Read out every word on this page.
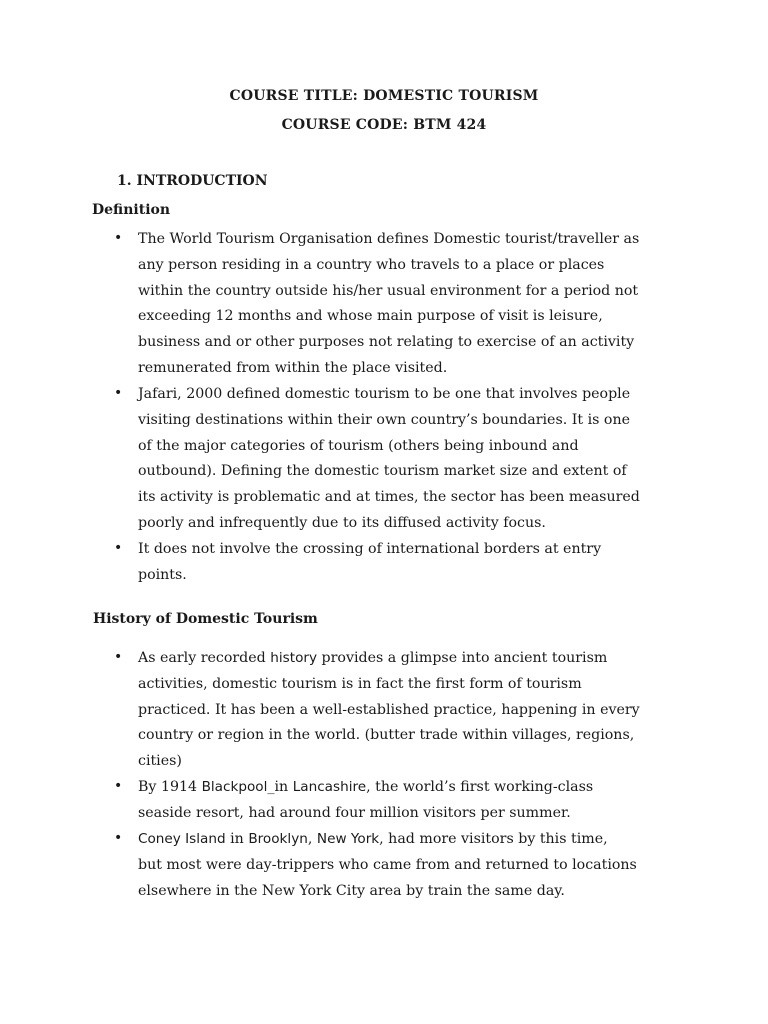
COURSE TITLE: DOMESTIC TOURISM
COURSE CODE: BTM 424
1. INTRODUCTION
Definition
• The World Tourism Organisation defines Domestic tourist/traveller as
any person residing in a country who travels to a place or places
within the country outside his/her usual environment for a period not
exceeding 12 months and whose main purpose of visit is leisure,
business and or other purposes not relating to exercise of an activity
remunerated from within the place visited.
• Jafari, 2000 defined domestic tourism to be one that involves people
visiting destinations within their own country’s boundaries. It is one
of the major categories of tourism (others being inbound and
outbound). Defining the domestic tourism market size and extent of
its activity is problematic and at times, the sector has been measured
poorly and infrequently due to its diffused activity focus.
• It does not involve the crossing of international borders at entry
points.
History of Domestic Tourism
• As early recorded history provides a glimpse into ancient tourism
activities, domestic tourism is in fact the first form of tourism
practiced. It has been a well-established practice, happening in every
country or region in the world. (butter trade within villages, regions,
cities)
• By 1914 Blackpool_in Lancashire, the world’s first working-class
seaside resort, had around four million visitors per summer.
• Coney Island in Brooklyn, New York, had more visitors by this time,
but most were day-trippers who came from and returned to locations
elsewhere in the New York City area by train the same day.
